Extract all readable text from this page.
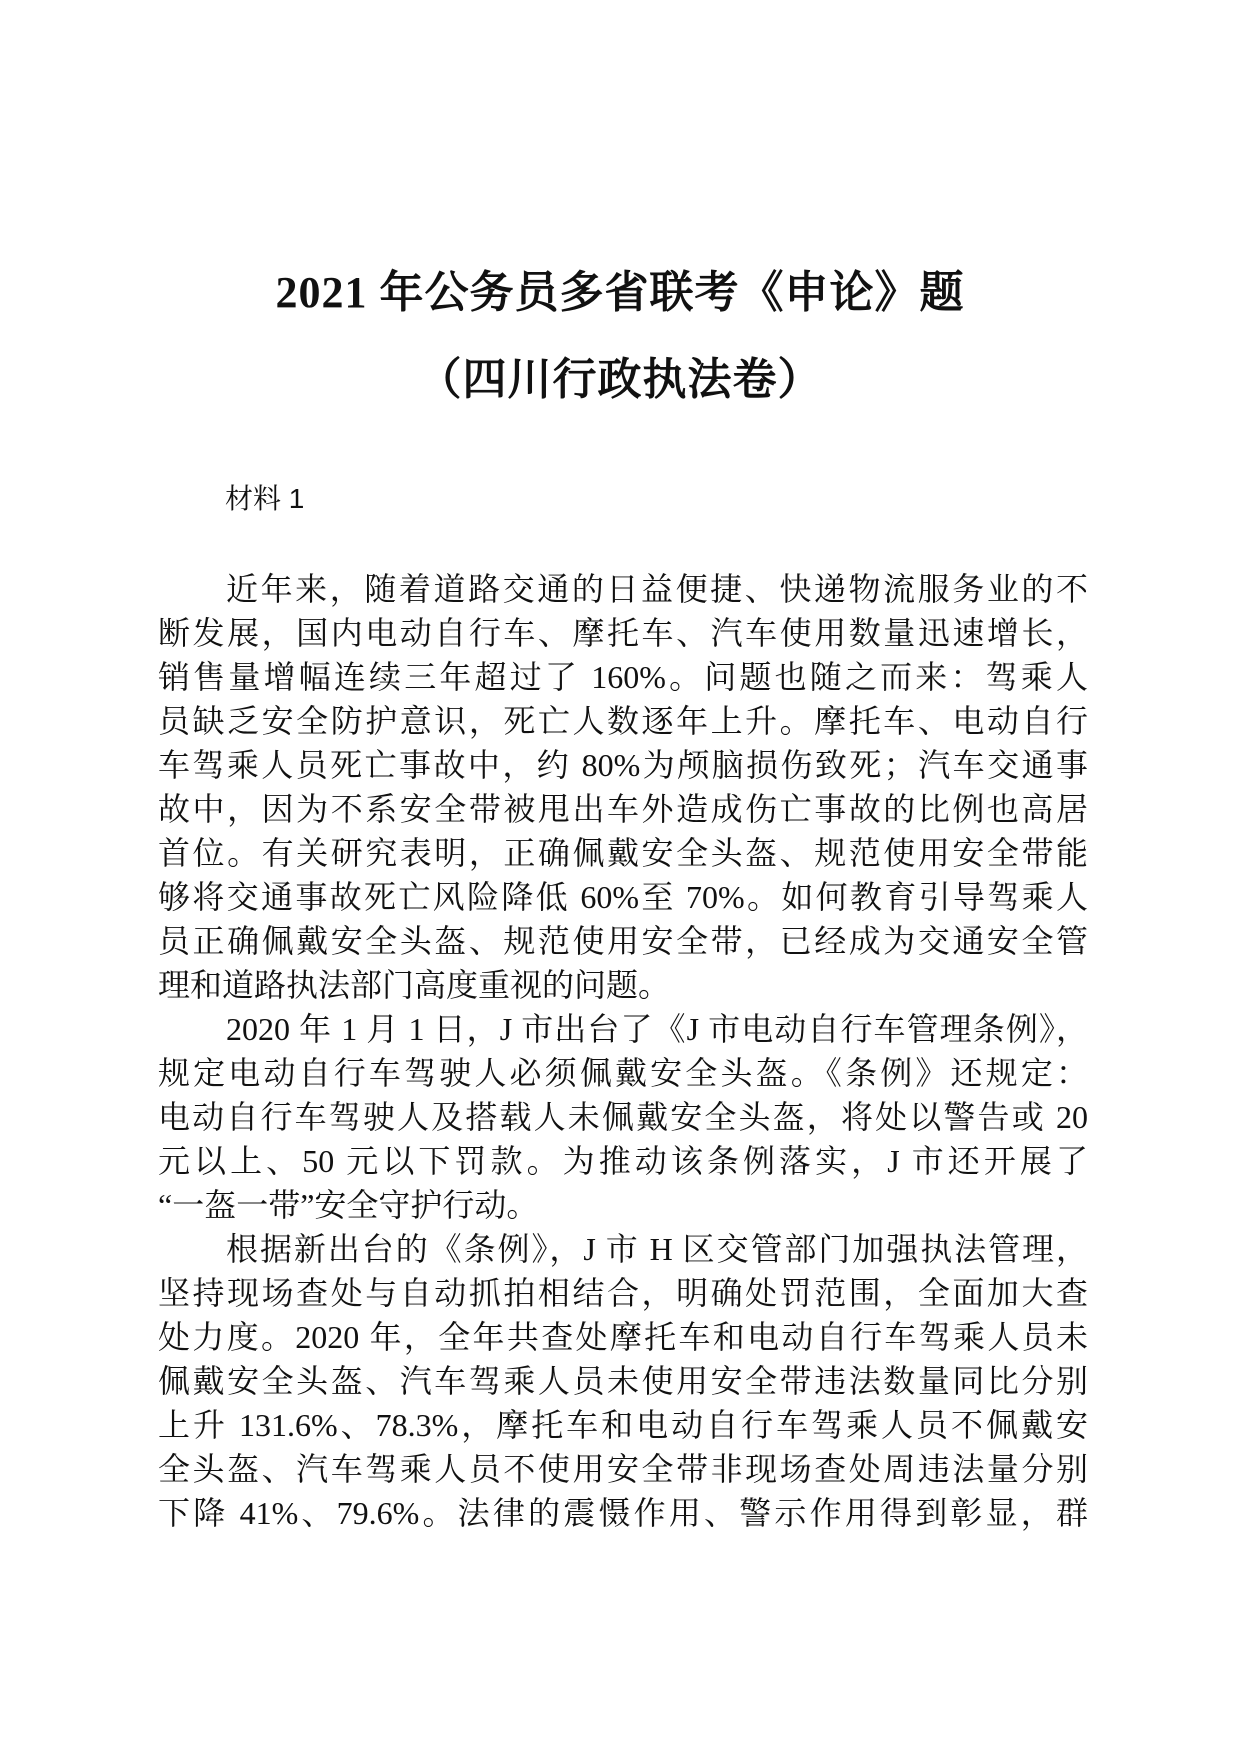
2021 年公务员多省联考《申论》题
（四川行政执法卷）
材料 1
近年来，随着道路交通的日益便捷、快递物流服务业的不
断发展，国内电动自行车、摩托车、汽车使用数量迅速增长，
销售量增幅连续三年超过了 160%。问题也随之而来：驾乘人
员缺乏安全防护意识，死亡人数逐年上升。摩托车、电动自行
车驾乘人员死亡事故中，约 80%为颅脑损伤致死；汽车交通事
故中，因为不系安全带被甩出车外造成伤亡事故的比例也高居
首位。有关研究表明，正确佩戴安全头盔、规范使用安全带能
够将交通事故死亡风险降低 60%至 70%。如何教育引导驾乘人
员正确佩戴安全头盔、规范使用安全带，已经成为交通安全管
理和道路执法部门高度重视的问题。
2020 年 1 月 1 日，J 市出台了《J 市电动自行车管理条例》，
规定电动自行车驾驶人必须佩戴安全头盔。《条例》还规定：
电动自行车驾驶人及搭载人未佩戴安全头盔，将处以警告或 20
元以上、50 元以下罚款。为推动该条例落实，J 市还开展了
“一盔一带”安全守护行动。
根据新出台的《条例》，J 市 H 区交管部门加强执法管理，
坚持现场查处与自动抓拍相结合，明确处罚范围，全面加大查
处力度。2020 年，全年共查处摩托车和电动自行车驾乘人员未
佩戴安全头盔、汽车驾乘人员未使用安全带违法数量同比分别
上升 131.6%、78.3%，摩托车和电动自行车驾乘人员不佩戴安
全头盔、汽车驾乘人员不使用安全带非现场查处周违法量分别
下降 41%、79.6%。法律的震慑作用、警示作用得到彰显，群
